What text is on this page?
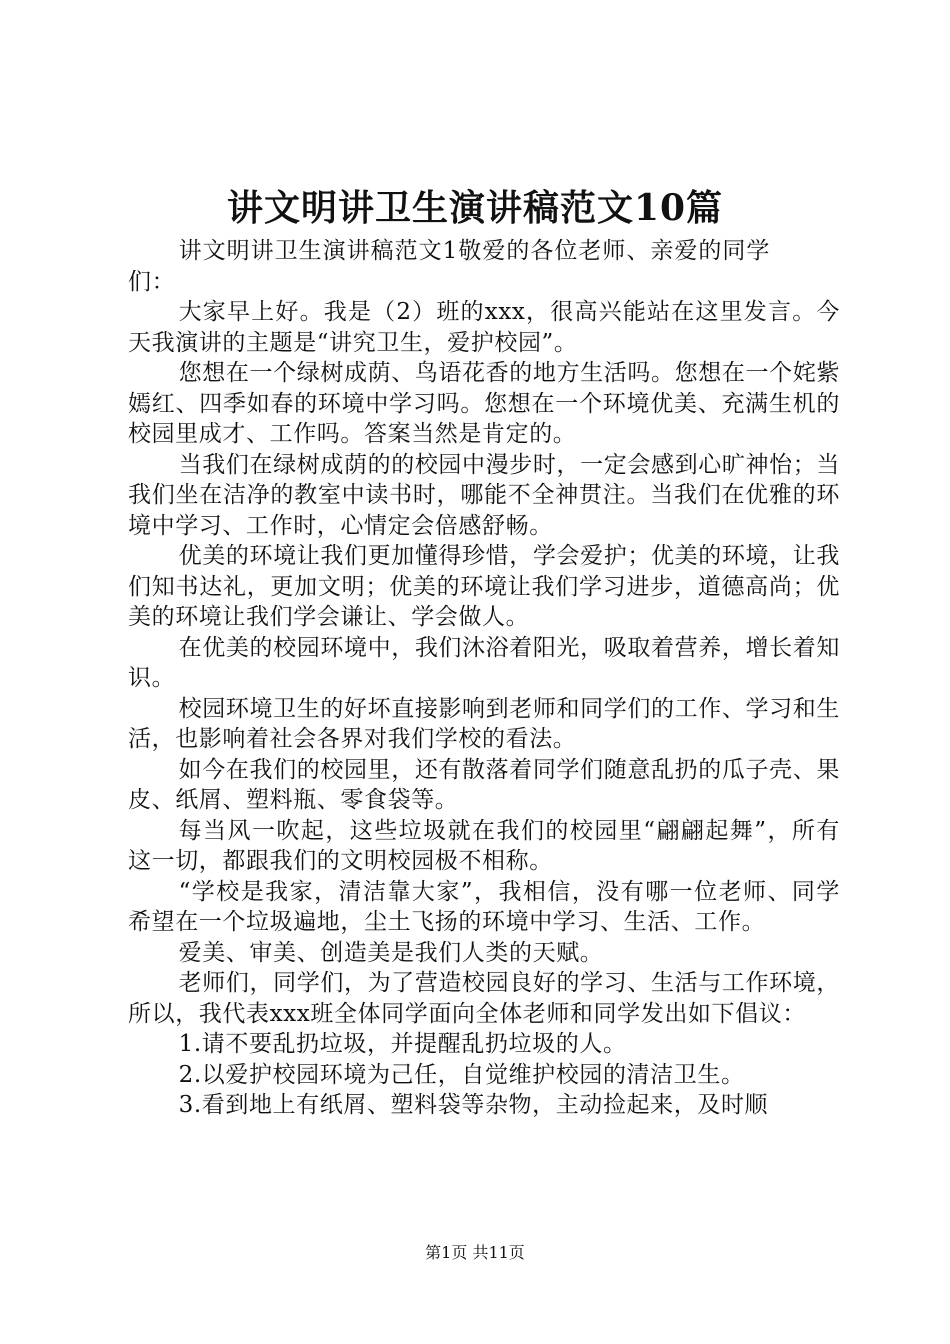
讲文明讲卫生演讲稿范文10篇

讲文明讲卫生演讲稿范文1敬爱的各位老师、亲爱的同学们：

大家早上好。我是（2）班的xxx，很高兴能站在这里发言。今天我演讲的主题是“讲究卫生，爱护校园”。

您想在一个绿树成荫、鸟语花香的地方生活吗。您想在一个姹紫嫣红、四季如春的环境中学习吗。您想在一个环境优美、充满生机的校园里成才、工作吗。答案当然是肯定的。

当我们在绿树成荫的的校园中漫步时，一定会感到心旷神怡；当我们坐在洁净的教室中读书时，哪能不全神贯注。当我们在优雅的环境中学习、工作时，心情定会倍感舒畅。

优美的环境让我们更加懂得珍惜，学会爱护；优美的环境，让我们知书达礼，更加文明；优美的环境让我们学习进步，道德高尚；优美的环境让我们学会谦让、学会做人。

在优美的校园环境中，我们沐浴着阳光，吸取着营养，增长着知识。

校园环境卫生的好坏直接影响到老师和同学们的工作、学习和生活，也影响着社会各界对我们学校的看法。

如今在我们的校园里，还有散落着同学们随意乱扔的瓜子壳、果皮、纸屑、塑料瓶、零食袋等。

每当风一吹起，这些垃圾就在我们的校园里“翩翩起舞”，所有这一切，都跟我们的文明校园极不相称。

“学校是我家，清洁靠大家”，我相信，没有哪一位老师、同学希望在一个垃圾遍地，尘土飞扬的环境中学习、生活、工作。

爱美、审美、创造美是我们人类的天赋。

老师们，同学们，为了营造校园良好的学习、生活与工作环境，所以，我代表xxx班全体同学面向全体老师和同学发出如下倡议：

1.请不要乱扔垃圾，并提醒乱扔垃圾的人。

2.以爱护校园环境为己任，自觉维护校园的清洁卫生。

3.看到地上有纸屑、塑料袋等杂物，主动捡起来，及时顺

第1页 共11页
